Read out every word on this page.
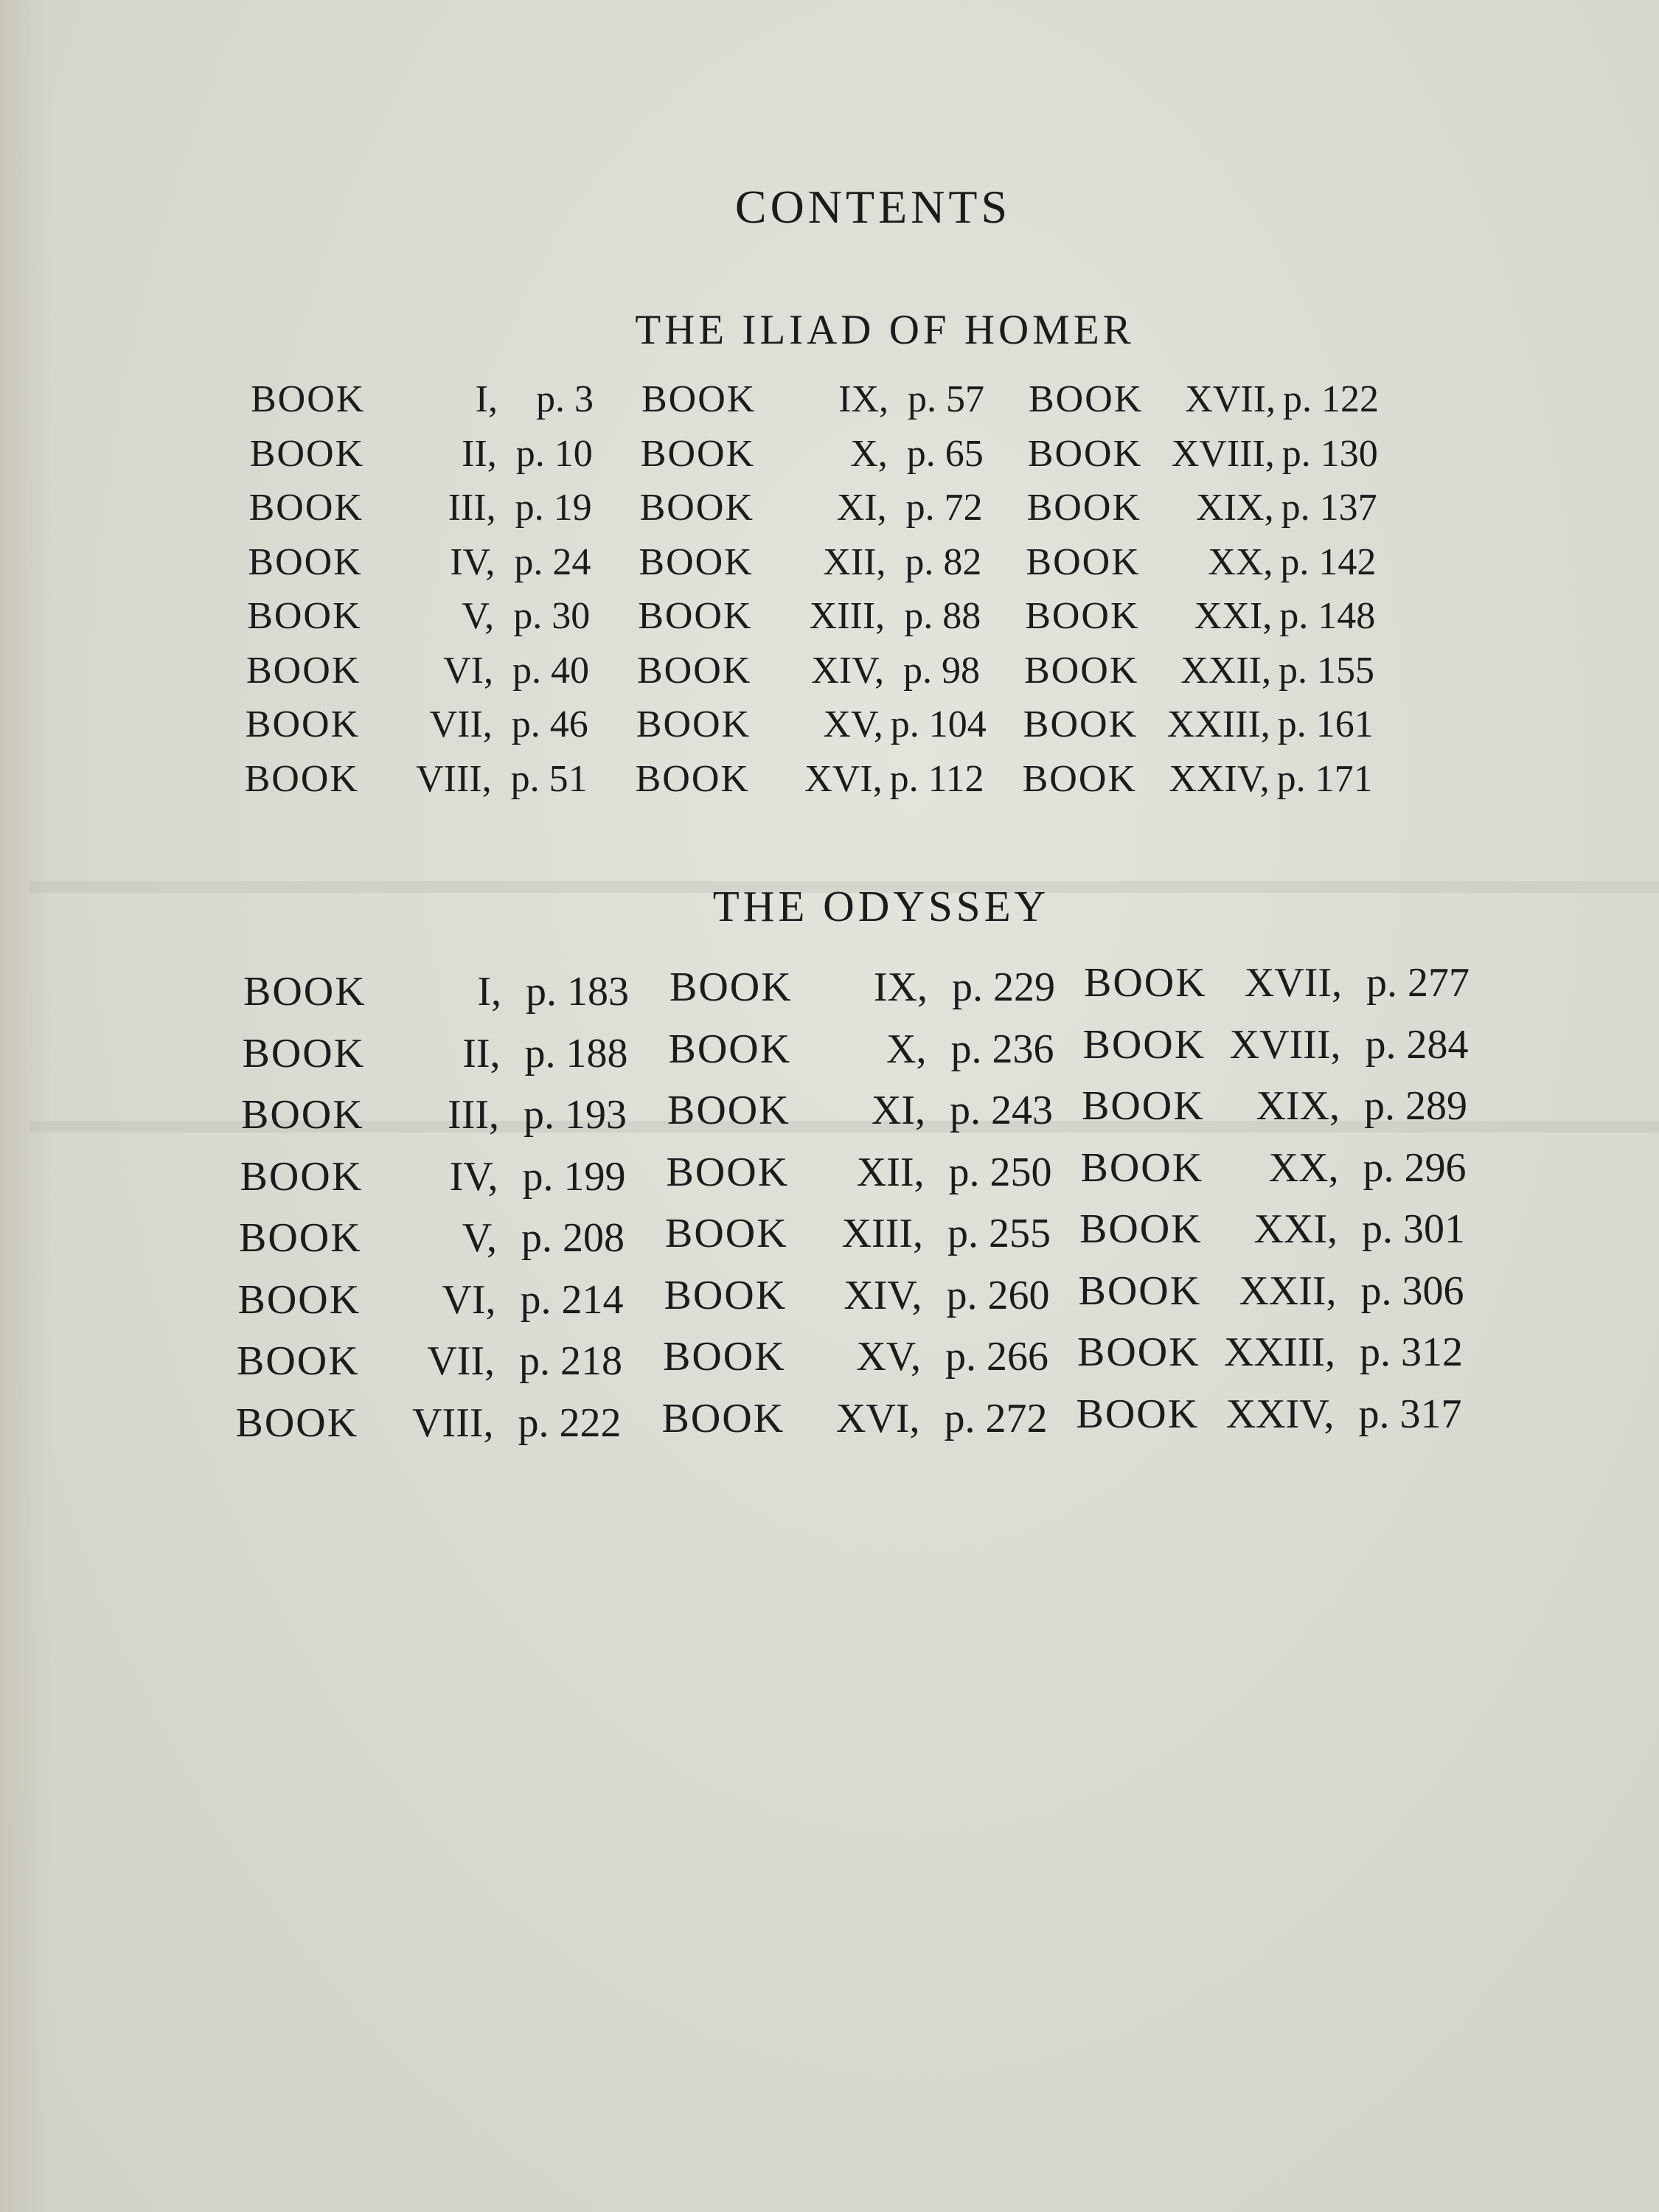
CONTENTS
THE ILIAD OF HOMER
BOOK	I,	p. 3
BOOK	II, p. 10
BOOK	III, p. 19
BOOK	IV, p. 24
BOOK	V, p. 30
BOOK	VI, p. 40
BOOK	VII, p. 46
BOOK	VIII, p. 51
BOOK	IX, p. 57
BOOK	X, p. 65
BOOK	XI, p. 72
BOOK	XII, p. 82
BOOK	XIII, p. 88
BOOK	XIV, p. 98
BOOK	XV, p. 104
BOOK	XVI, p. 112
BOOK	XVII, p. 122
BOOK XVIII, p. 130
BOOK	XIX, p. 137
BOOK	XX, p. 142
BOOK	XXI, p. 148
BOOK	XXII, p. 155
BOOK XXIII, p. 161
BOOK XXIV, p. 171
THE ODYSSEY
BOOK	I, p. 183
BOOK	II, p. 188
BOOK	III, p. 193
BOOK	IV, p. 199
BOOK	V, p. 208
BOOK	VI, p. 214
BOOK	VII, p. 218
BOOK	VIII, p. 222
BOOK	IX, p. 229
BOOK	X, p. 236
BOOK	XI, p. 243
BOOK	XII, p. 250
BOOK	XIII, p. 255
BOOK	XIV, p. 260
BOOK	XV, p. 266
BOOK	XVI, p. 272
BOOK XVII, p. 277
BOOK XVIII, p. 284
BOOK	XIX, p. 289
BOOK	XX, p. 296
BOOK	XXI, p. 301
BOOK XXII, p. 306
BOOK XXIII, p. 312
BOOK XXIV, p. 317
